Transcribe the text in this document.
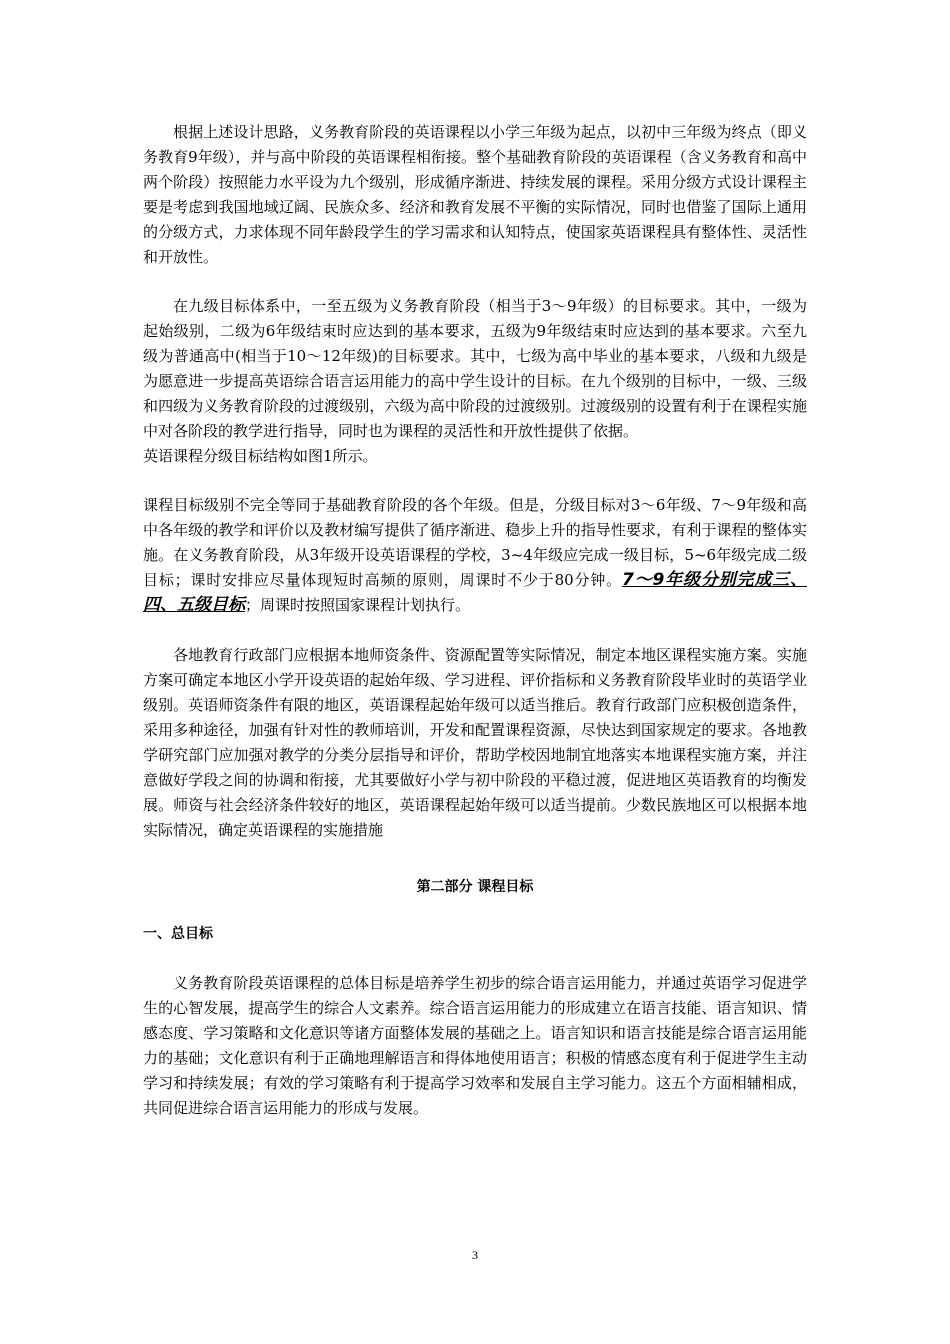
根据上述设计思路，义务教育阶段的英语课程以小学三年级为起点，以初中三年级为终点（即义务教育9年级），并与高中阶段的英语课程相衔接。整个基础教育阶段的英语课程（含义务教育和高中两个阶段）按照能力水平设为九个级别，形成循序渐进、持续发展的课程。采用分级方式设计课程主要是考虑到我国地域辽阔、民族众多、经济和教育发展不平衡的实际情况，同时也借鉴了国际上通用的分级方式，力求体现不同年龄段学生的学习需求和认知特点，使国家英语课程具有整体性、灵活性和开放性。

在九级目标体系中，一至五级为义务教育阶段（相当于3～9年级）的目标要求。其中，一级为起始级别，二级为6年级结束时应达到的基本要求，五级为9年级结束时应达到的基本要求。六至九级为普通高中(相当于10～12年级)的目标要求。其中，七级为高中毕业的基本要求，八级和九级是为愿意进一步提高英语综合语言运用能力的高中学生设计的目标。在九个级别的目标中，一级、三级和四级为义务教育阶段的过渡级别，六级为高中阶段的过渡级别。过渡级别的设置有利于在课程实施中对各阶段的教学进行指导，同时也为课程的灵活性和开放性提供了依据。

英语课程分级目标结构如图1所示。

课程目标级别不完全等同于基础教育阶段的各个年级。但是，分级目标对3～6年级、7～9年级和高中各年级的教学和评价以及教材编写提供了循序渐进、稳步上升的指导性要求，有利于课程的整体实施。在义务教育阶段，从3年级开设英语课程的学校，3~4年级应完成一级目标，5~6年级完成二级目标；课时安排应尽量体现短时高频的原则，周课时不少于80分钟。7～9年级分别完成三、四、五级目标；周课时按照国家课程计划执行。

各地教育行政部门应根据本地师资条件、资源配置等实际情况，制定本地区课程实施方案。实施方案可确定本地区小学开设英语的起始年级、学习进程、评价指标和义务教育阶段毕业时的英语学业级别。英语师资条件有限的地区，英语课程起始年级可以适当推后。教育行政部门应积极创造条件，采用多种途径，加强有针对性的教师培训，开发和配置课程资源，尽快达到国家规定的要求。各地教学研究部门应加强对教学的分类分层指导和评价，帮助学校因地制宜地落实本地课程实施方案，并注意做好学段之间的协调和衔接，尤其要做好小学与初中阶段的平稳过渡，促进地区英语教育的均衡发展。师资与社会经济条件较好的地区，英语课程起始年级可以适当提前。少数民族地区可以根据本地实际情况，确定英语课程的实施措施

第二部分 课程目标

一、总目标

义务教育阶段英语课程的总体目标是培养学生初步的综合语言运用能力，并通过英语学习促进学生的心智发展，提高学生的综合人文素养。综合语言运用能力的形成建立在语言技能、语言知识、情感态度、学习策略和文化意识等诸方面整体发展的基础之上。语言知识和语言技能是综合语言运用能力的基础；文化意识有利于正确地理解语言和得体地使用语言；积极的情感态度有利于促进学生主动学习和持续发展；有效的学习策略有利于提高学习效率和发展自主学习能力。这五个方面相辅相成，共同促进综合语言运用能力的形成与发展。

3
